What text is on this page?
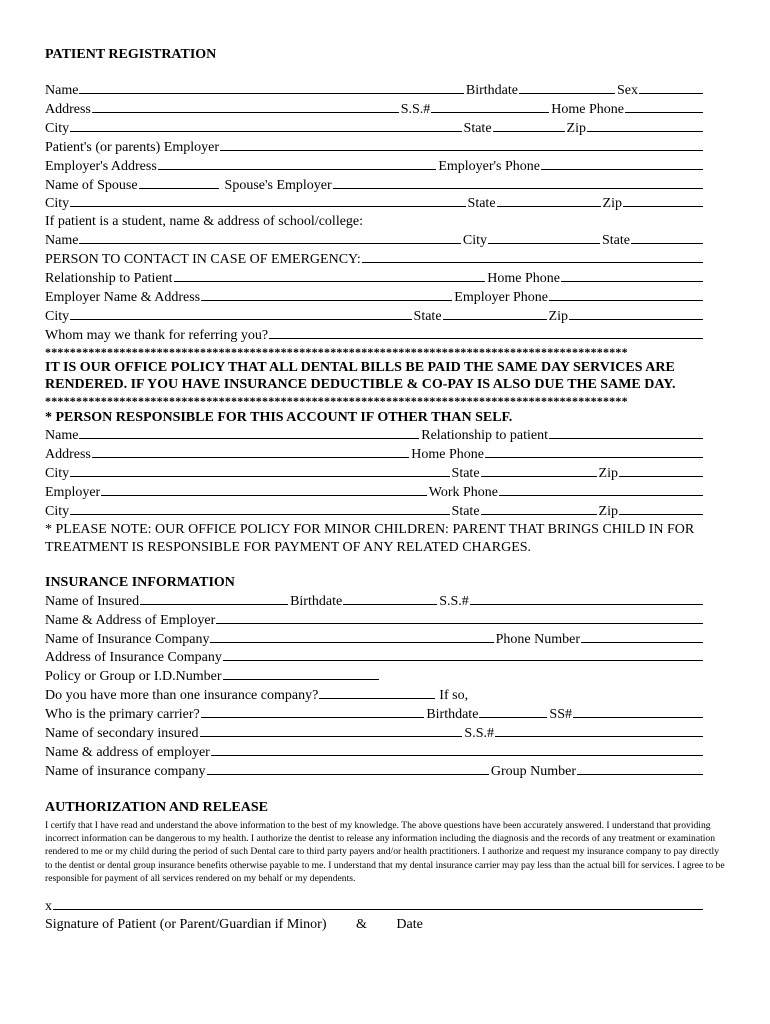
PATIENT REGISTRATION
Name	Birthdate	Sex
Address	S.S.#	Home Phone
City	State	Zip
Patient's (or parents) Employer
Employer's Address	Employer's Phone
Name of Spouse	Spouse's Employer
City	State	Zip
If patient is a student, name & address of school/college:
Name	City	State
PERSON TO CONTACT IN CASE OF EMERGENCY:
Relationship to Patient	Home Phone
Employer Name & Address	Employer Phone
City	State	Zip
Whom may we thank for referring you?
**********************************************************************************************
IT IS OUR OFFICE POLICY THAT ALL DENTAL BILLS BE PAID THE SAME DAY SERVICES ARE RENDERED. IF YOU HAVE INSURANCE DEDUCTIBLE & CO-PAY IS ALSO DUE THE SAME DAY.
**********************************************************************************************
* PERSON RESPONSIBLE FOR THIS ACCOUNT IF OTHER THAN SELF.
Name	Relationship to patient
Address	Home Phone
City	State	Zip
Employer	Work Phone
City	State	Zip
* PLEASE NOTE: OUR OFFICE POLICY FOR MINOR CHILDREN: PARENT THAT BRINGS CHILD IN FOR TREATMENT IS RESPONSIBLE FOR PAYMENT OF ANY RELATED CHARGES.
INSURANCE INFORMATION
Name of Insured	Birthdate	S.S.#
Name & Address of Employer
Name of Insurance Company	Phone Number
Address of Insurance Company
Policy or Group or I.D.Number
Do you have more than one insurance company?	If so,
Who is the primary carrier?	Birthdate	SS#
Name of secondary insured	S.S.#
Name & address of employer
Name of insurance company	Group Number
AUTHORIZATION AND RELEASE
I certify that I have read and understand the above information to the best of my knowledge. The above questions have been accurately answered. I understand that providing incorrect information can be dangerous to my health. I authorize the dentist to release any information including the diagnosis and the records of any treatment or examination rendered to me or my child during the period of such Dental care to third party payers and/or health practitioners. I authorize and request my insurance company to pay directly to the dentist or dental group insurance benefits otherwise payable to me. I understand that my dental insurance carrier may pay less than the actual bill for services. I agree to be responsible for payment of all services rendered on my behalf or my dependents.
x
Signature of Patient (or Parent/Guardian if Minor) & Date
